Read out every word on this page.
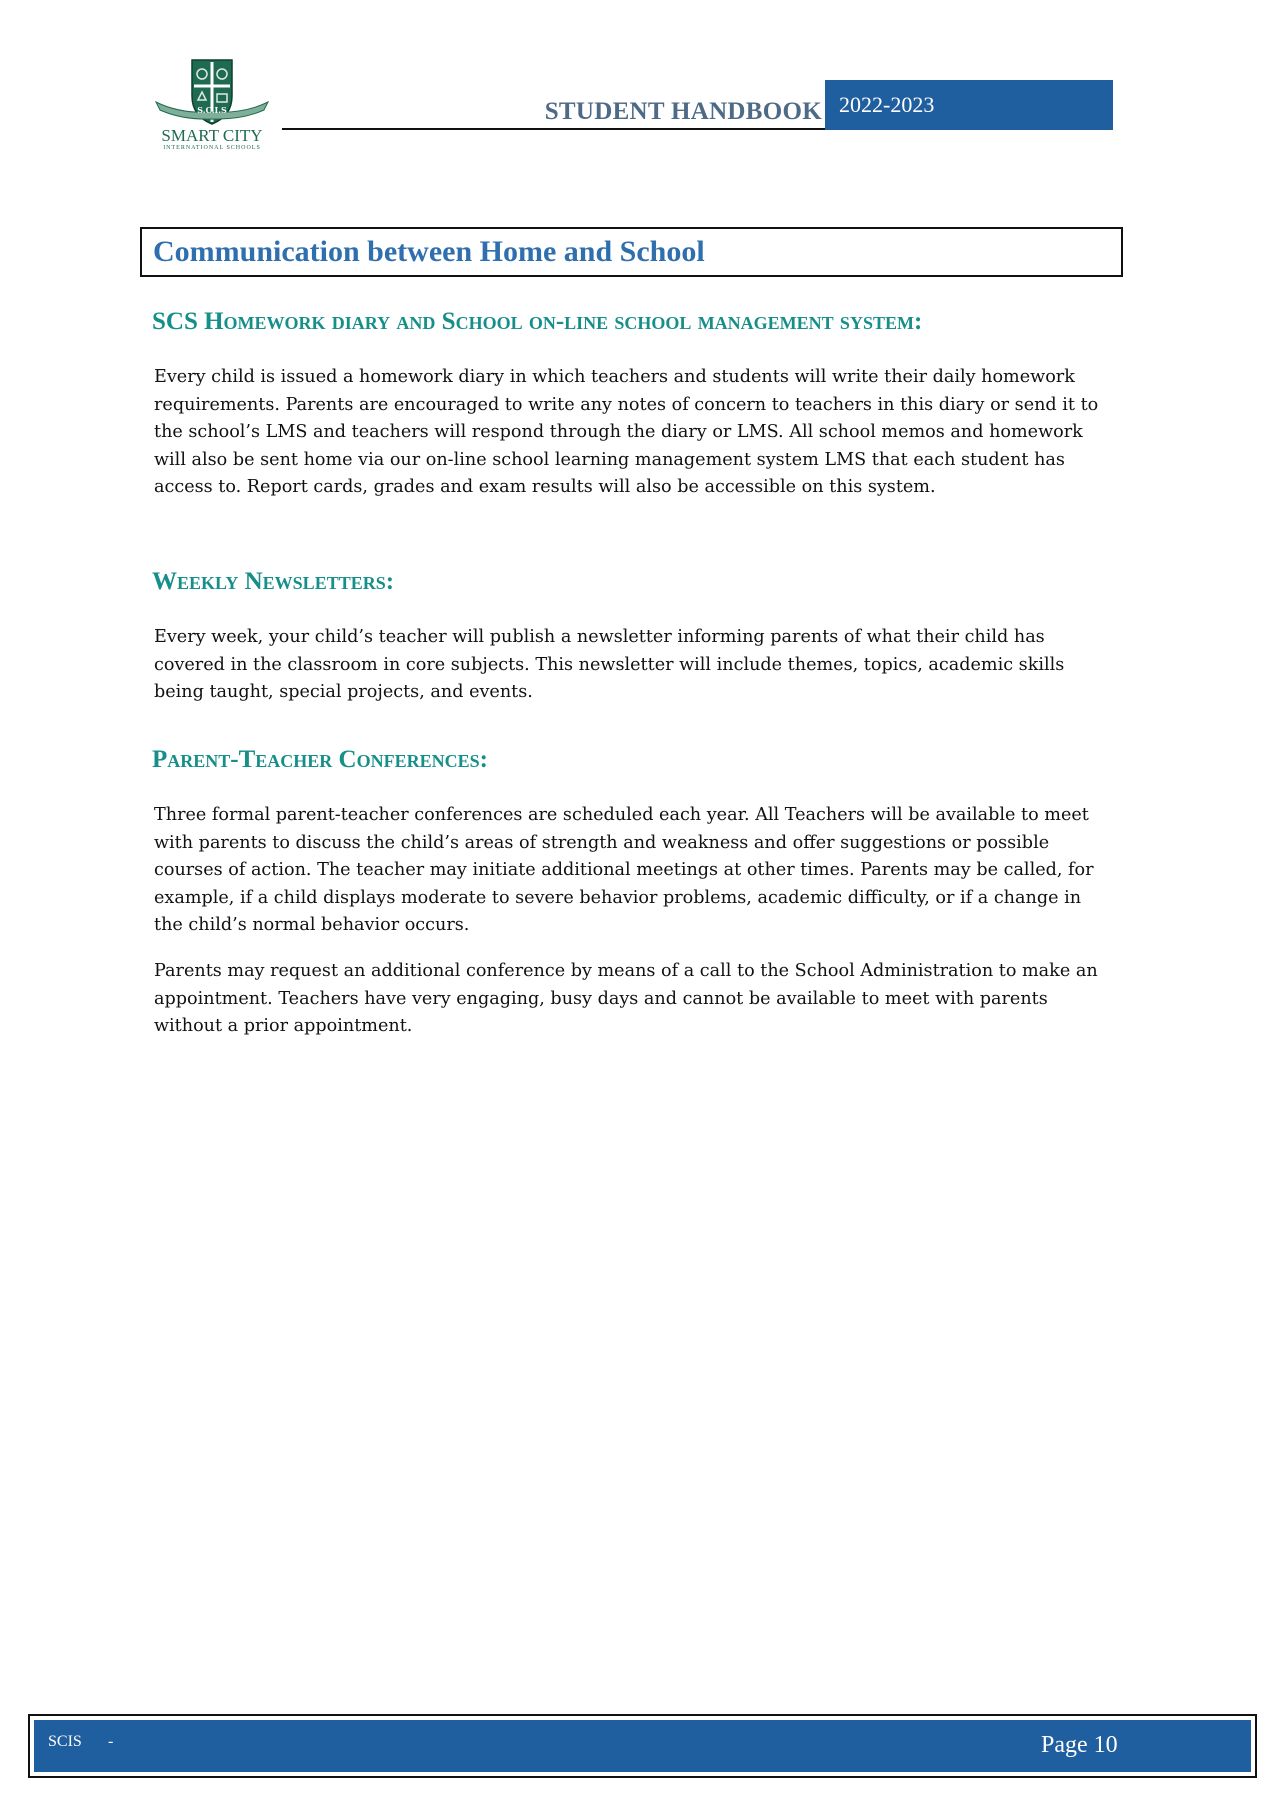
S.C.I.S
SMART CITY
INTERNATIONAL SCHOOLS
STUDENT HANDBOOK 2022-2023
Communication between Home and School
SCS Homework diary and School on-line school management system:

Every child is issued a homework diary in which teachers and students will write their daily homework requirements. Parents are encouraged to write any notes of concern to teachers in this diary or send it to the school’s LMS and teachers will respond through the diary or LMS. All school memos and homework will also be sent home via our on-line school learning management system LMS that each student has access to. Report cards, grades and exam results will also be accessible on this system.

Weekly Newsletters:

Every week, your child’s teacher will publish a newsletter informing parents of what their child has covered in the classroom in core subjects. This newsletter will include themes, topics, academic skills being taught, special projects, and events.

Parent-Teacher Conferences:

Three formal parent-teacher conferences are scheduled each year. All Teachers will be available to meet with parents to discuss the child’s areas of strength and weakness and offer suggestions or possible courses of action. The teacher may initiate additional meetings at other times. Parents may be called, for example, if a child displays moderate to severe behavior problems, academic difficulty, or if a change in the child’s normal behavior occurs.

Parents may request an additional conference by means of a call to the School Administration to make an appointment. Teachers have very engaging, busy days and cannot be available to meet with parents without a prior appointment.

SCIS -	Page 10
